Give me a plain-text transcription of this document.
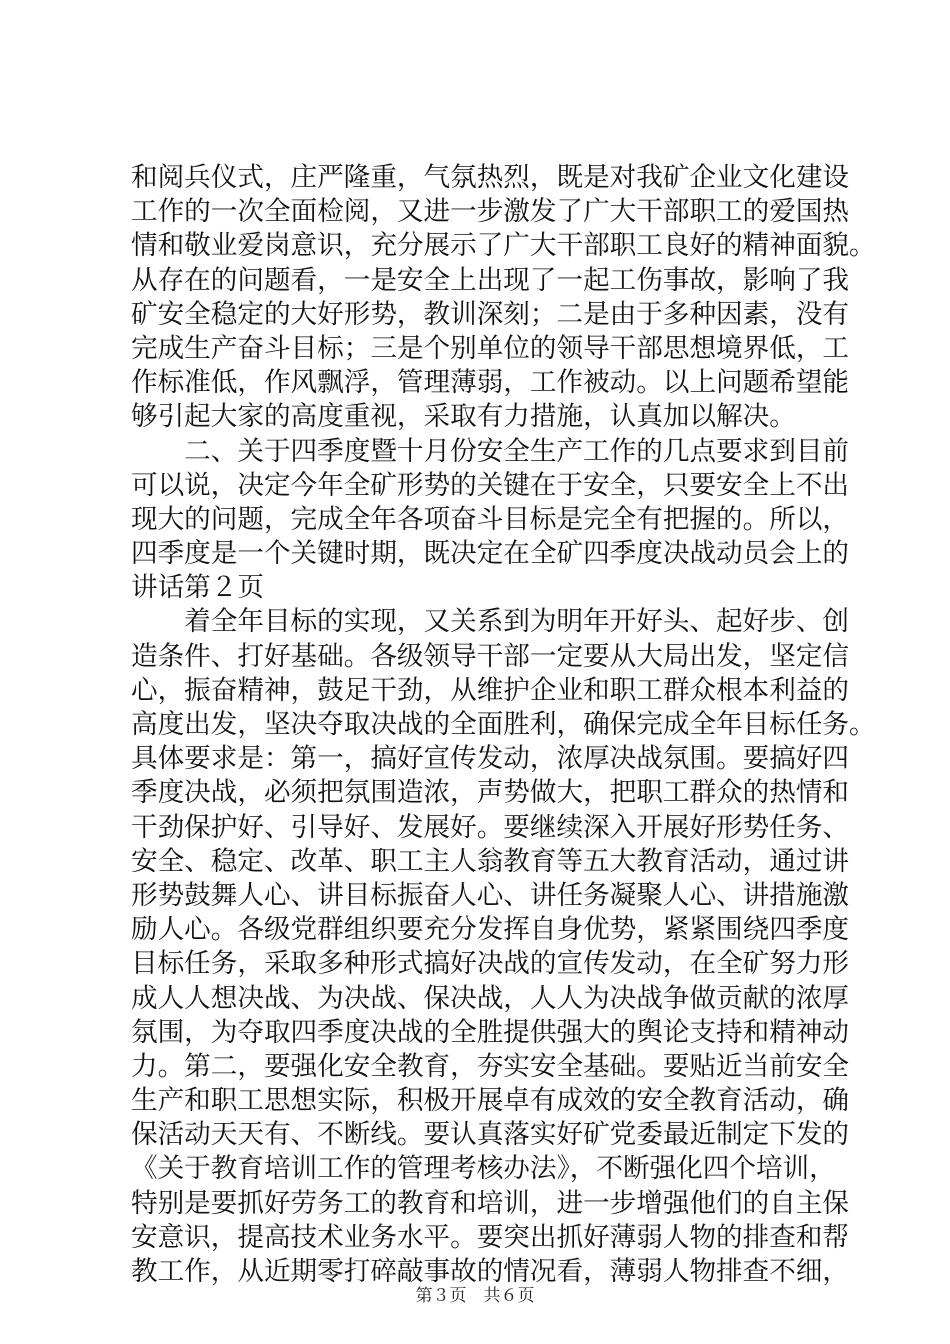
和阅兵仪式，庄严隆重，气氛热烈，既是对我矿企业文化建设
工作的一次全面检阅，又进一步激发了广大干部职工的爱国热
情和敬业爱岗意识，充分展示了广大干部职工良好的精神面貌。
从存在的问题看，一是安全上出现了一起工伤事故，影响了我
矿安全稳定的大好形势，教训深刻；二是由于多种因素，没有
完成生产奋斗目标；三是个别单位的领导干部思想境界低，工
作标准低，作风飘浮，管理薄弱，工作被动。以上问题希望能
够引起大家的高度重视，采取有力措施，认真加以解决。
　　二、关于四季度暨十月份安全生产工作的几点要求到目前
可以说，决定今年全矿形势的关键在于安全，只要安全上不出
现大的问题，完成全年各项奋斗目标是完全有把握的。所以，
四季度是一个关键时期，既决定在全矿四季度决战动员会上的
讲话第２页
　　着全年目标的实现，又关系到为明年开好头、起好步、创
造条件、打好基础。各级领导干部一定要从大局出发，坚定信
心，振奋精神，鼓足干劲，从维护企业和职工群众根本利益的
高度出发，坚决夺取决战的全面胜利，确保完成全年目标任务。
具体要求是：第一，搞好宣传发动，浓厚决战氛围。要搞好四
季度决战，必须把氛围造浓，声势做大，把职工群众的热情和
干劲保护好、引导好、发展好。要继续深入开展好形势任务、
安全、稳定、改革、职工主人翁教育等五大教育活动，通过讲
形势鼓舞人心、讲目标振奋人心、讲任务凝聚人心、讲措施激
励人心。各级党群组织要充分发挥自身优势，紧紧围绕四季度
目标任务，采取多种形式搞好决战的宣传发动，在全矿努力形
成人人想决战、为决战、保决战，人人为决战争做贡献的浓厚
氛围，为夺取四季度决战的全胜提供强大的舆论支持和精神动
力。第二，要强化安全教育，夯实安全基础。要贴近当前安全
生产和职工思想实际，积极开展卓有成效的安全教育活动，确
保活动天天有、不断线。要认真落实好矿党委最近制定下发的
《关于教育培训工作的管理考核办法》，不断强化四个培训，
特别是要抓好劳务工的教育和培训，进一步增强他们的自主保
安意识，提高技术业务水平。要突出抓好薄弱人物的排查和帮
教工作，从近期零打碎敲事故的情况看，薄弱人物排查不细，
第３页　共６页
